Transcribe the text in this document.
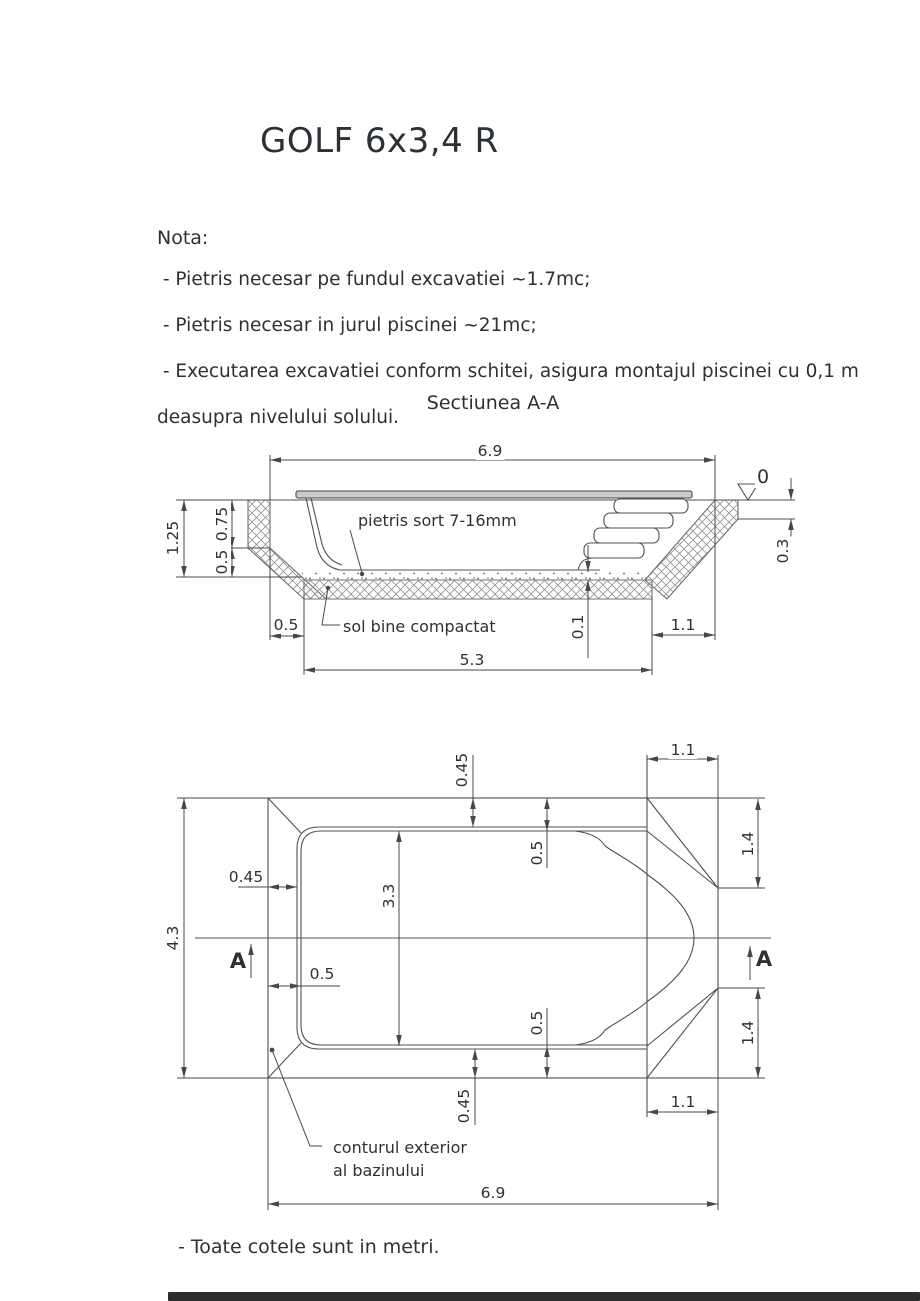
GOLF 6x3,4 R
Nota:
- Pietris necesar pe fundul excavatiei ~1.7mc;

- Pietris necesar in jurul piscinei ~21mc;

- Executarea excavatiei conform schitei, asigura montajul piscinei cu 0,1 m

deasupra nivelului solului.
Sectiunea A-A
6.9
1.25 0.75
0.5
0.5	1.1
5.3
0.1
0.3
0
pietris sort 7-16mm
sol bine compactat
4.3
0.45
0.5
3.3
0.45
0.5
0.45
0.5
1.1
1.4
1.1
1.4
6.9
A	A
conturul exterior
al bazinului
- Toate cotele sunt in metri.
